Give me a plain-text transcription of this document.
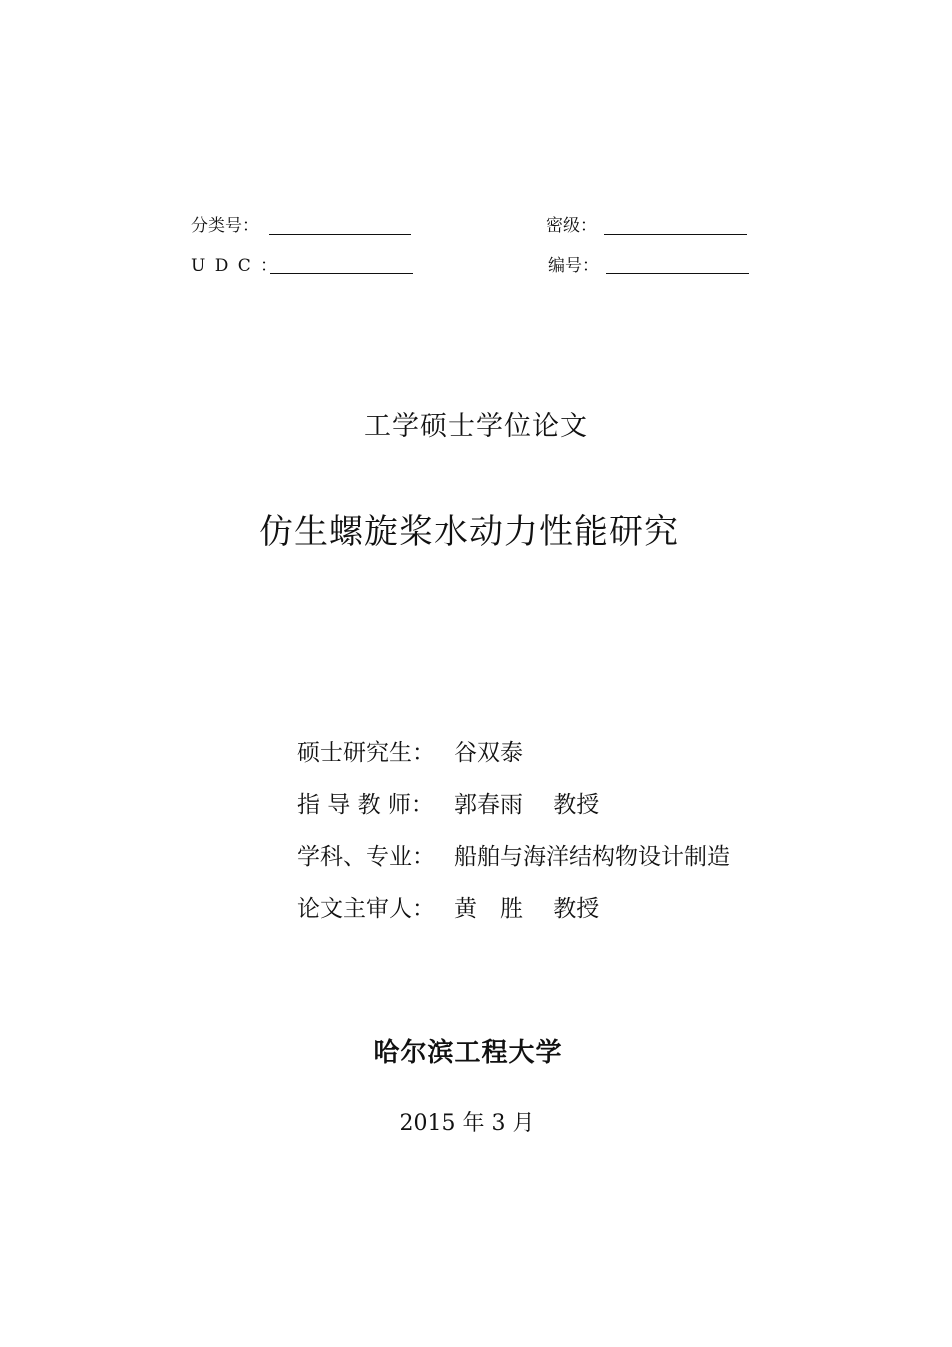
分类号：	密级：
U D C ：	编号：
工学硕士学位论文
仿生螺旋桨水动力性能研究
硕士研究生： 谷双泰
指 导 教 师： 郭春雨　 教授
学科、专业： 船舶与海洋结构物设计制造
论文主审人： 黄　胜　 教授
哈尔滨工程大学
2015 年 3 月
